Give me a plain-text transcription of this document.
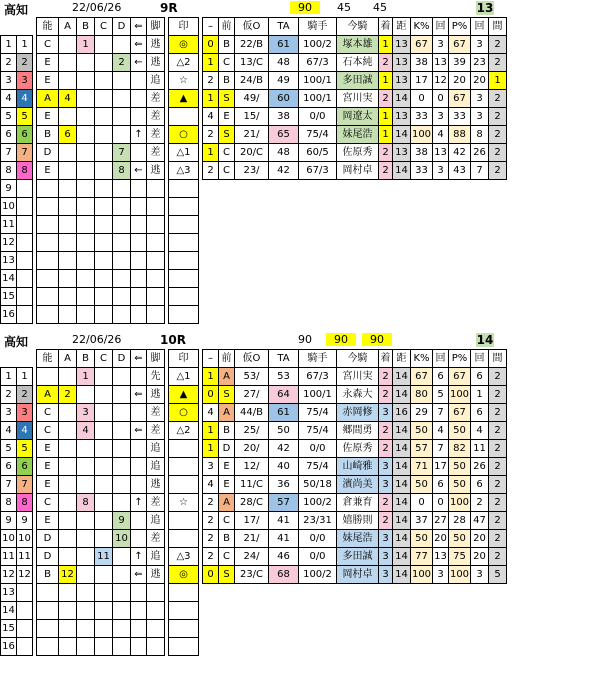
高知	22/06/26	9R	90	45	45	13
			能	A	B	C	D	⇐	脚		印		–	前	仮O	TA	騎手	今騎	着	距	K%	回	P%	回	間
1	1		C		1			⇐	逃		◎		0	B	22/B	61	100/2	塚本雄	1	13	67	3	67	3	2
2	2		E				2	←	逃		△2		1	C	13/C	48	67/3	石本純	2	13	38	13	39	23	2
3	3		E						追		☆		2	B	24/B	49	100/1	多田誠	1	13	17	12	20	20	1
4	4		A	4					差		▲		1	S	49/	60	100/1	宮川実	2	14	0	0	67	3	2
5	5		E						差				4	E	15/	38	0/0	岡遼太	1	13	33	3	33	3	2
6	6		B	6				↑	差		○		2	S	21/	65	75/4	妹尾浩	1	14	100	4	88	8	2
7	7		D				7		差		△1		1	C	20/C	48	60/5	佐原秀	2	13	38	13	42	26	2
8	8		E				8	←	逃		△3		2	C	23/	42	67/3	岡村卓	2	14	33	3	43	7	2
9																									
10																									
11																									
12																									
13																									
14																									
15																									
16																									
高知	22/06/26	10R	90	90	90	14
			能	A	B	C	D	⇐	脚		印		–	前	仮O	TA	騎手	今騎	着	距	K%	回	P%	回	間
1	1				1				先		△1		1	A	53/	53	67/3	宮川実	2	14	67	6	67	6	2
2	2		A	2				⇐	逃		▲		0	S	27/	64	100/1	永森大	2	14	80	5	100	1	2
3	3		C		3				差		○		4	A	44/B	61	75/4	赤岡修	3	16	29	7	67	6	2
4	4		C		4			⇐	差		△2		1	B	25/	50	75/4	郷間勇	2	14	50	4	50	4	2
5	5		E						追				1	D	20/	42	0/0	佐原秀	2	14	57	7	82	11	2
6	6		E						追				3	E	12/	40	75/4	山崎雅	3	14	71	17	50	26	2
7	7		E						逃				4	E	11/C	36	50/18	濱尚美	3	14	50	6	50	6	2
8	8		C		8			↑	差		☆		2	A	28/C	57	100/2	倉兼育	2	14	0	0	100	2	2
9	9		E				9		追				2	C	17/	41	23/31	嬉勝則	2	14	37	27	28	47	2
10	10		D				10		差				2	B	21/	41	0/0	妹尾浩	3	14	50	20	50	20	2
11	11		D			11		↑	追		△3		2	C	24/	46	0/0	多田誠	3	14	77	13	75	20	2
12	12		B	12				⇐	逃		◎		0	S	23/C	68	100/2	岡村卓	3	14	100	3	100	3	5
13																									
14																									
15																									
16																									
